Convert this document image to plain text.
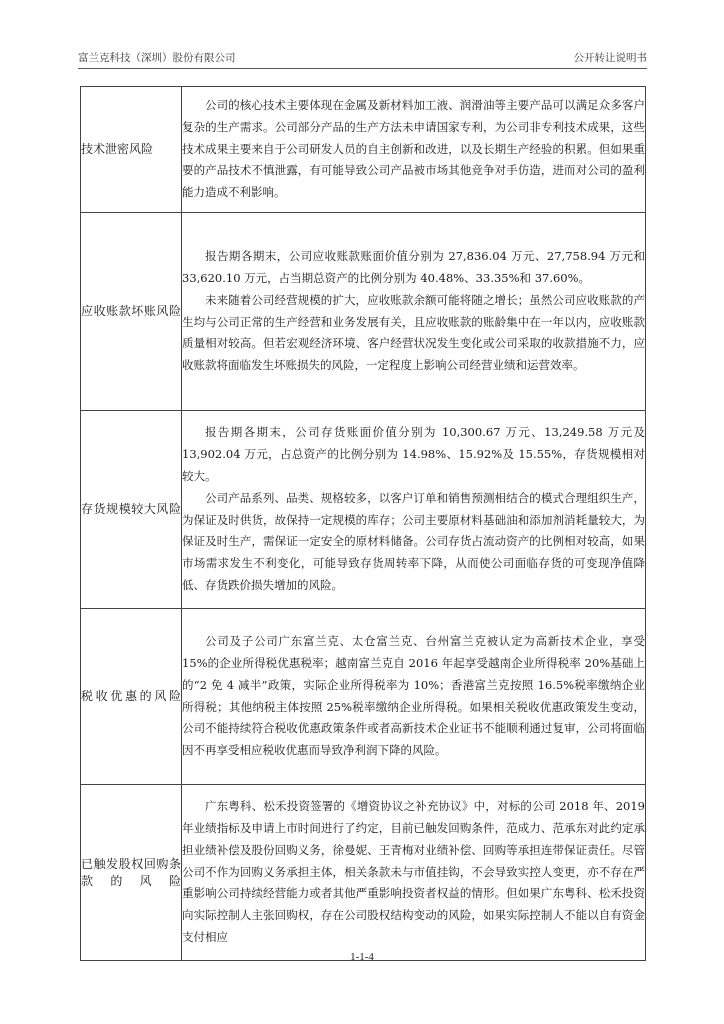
富兰克科技（深圳）股份有限公司	公开转让说明书
技术泄密风险	公司的核心技术主要体现在金属及新材料加工液、润滑油等主要产品可以满足众多客户复杂的生产需求。公司部分产品的生产方法未申请国家专利，为公司非专利技术成果，这些技术成果主要来自于公司研发人员的自主创新和改进，以及长期生产经验的积累。但如果重要的产品技术不慎泄露，有可能导致公司产品被市场其他竞争对手仿造，进而对公司的盈利能力造成不利影响。

应收账款坏账风险	报告期各期末，公司应收账款账面价值分别为 27,836.04 万元、27,758.94 万元和 33,620.10 万元，占当期总资产的比例分别为 40.48%、33.35%和 37.60%。

未来随着公司经营规模的扩大，应收账款余额可能将随之增长；虽然公司应收账款的产生均与公司正常的生产经营和业务发展有关，且应收账款的账龄集中在一年以内，应收账款质量相对较高。但若宏观经济环境、客户经营状况发生变化或公司采取的收款措施不力，应收账款将面临发生坏账损失的风险，一定程度上影响公司经营业绩和运营效率。

存货规模较大风险	报告期各期末，公司存货账面价值分别为 10,300.67 万元、13,249.58 万元及13,902.04 万元，占总资产的比例分别为 14.98%、15.92%及 15.55%，存货规模相对较大。

公司产品系列、品类、规格较多，以客户订单和销售预测相结合的模式合理组织生产，为保证及时供货，故保持一定规模的库存；公司主要原材料基础油和添加剂消耗量较大，为保证及时生产，需保证一定安全的原材料储备。公司存货占流动资产的比例相对较高，如果市场需求发生不利变化，可能导致存货周转率下降，从而使公司面临存货的可变现净值降低、存货跌价损失增加的风险。

税收优惠的风险	公司及子公司广东富兰克、太仓富兰克、台州富兰克被认定为高新技术企业，享受 15%的企业所得税优惠税率；越南富兰克自 2016 年起享受越南企业所得税率 20%基础上的“2 免 4 减半”政策，实际企业所得税率为 10%；香港富兰克按照 16.5%税率缴纳企业所得税；其他纳税主体按照 25%税率缴纳企业所得税。如果相关税收优惠政策发生变动，公司不能持续符合税收优惠政策条件或者高新技术企业证书不能顺利通过复审，公司将面临因不再享受相应税收优惠而导致净利润下降的风险。

已触发股权回购条款的风险	广东粤科、松禾投资签署的《增资协议之补充协议》中，对标的公司 2018 年、2019 年业绩指标及申请上市时间进行了约定，目前已触发回购条件，范成力、范承东对此约定承担业绩补偿及股份回购义务，徐曼妮、王青梅对业绩补偿、回购等承担连带保证责任。尽管公司不作为回购义务承担主体，相关条款未与市值挂钩，不会导致实控人变更，亦不存在严重影响公司持续经营能力或者其他严重影响投资者权益的情形。但如果广东粤科、松禾投资向实际控制人主张回购权，存在公司股权结构变动的风险，如果实际控制人不能以自有资金支付相应

1-1-4
